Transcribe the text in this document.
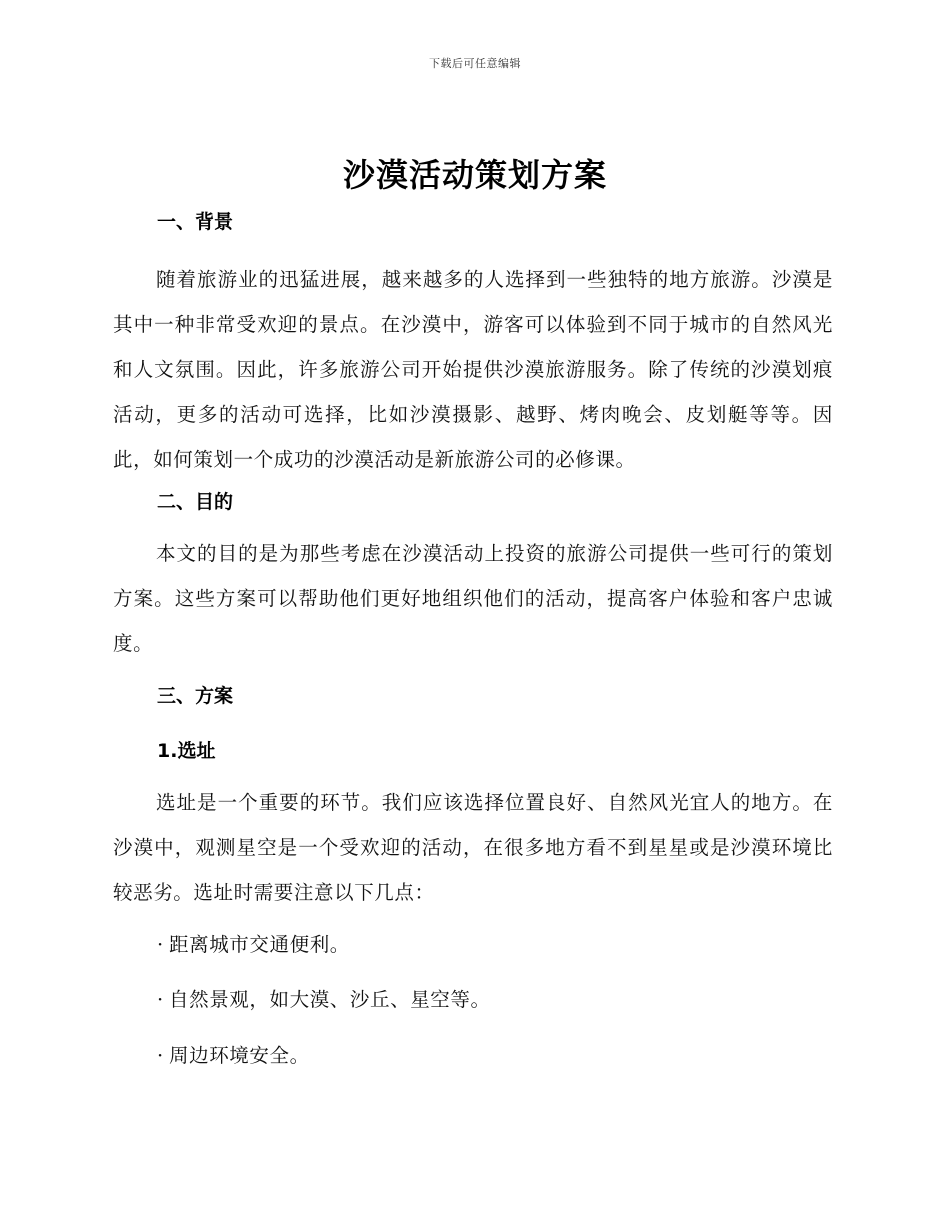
下载后可任意编辑
沙漠活动策划方案
一、背景

随着旅游业的迅猛进展，越来越多的人选择到一些独特的地方旅游。沙漠是其中一种非常受欢迎的景点。在沙漠中，游客可以体验到不同于城市的自然风光和人文氛围。因此，许多旅游公司开始提供沙漠旅游服务。除了传统的沙漠划痕活动，更多的活动可选择，比如沙漠摄影、越野、烤肉晚会、皮划艇等等。因此，如何策划一个成功的沙漠活动是新旅游公司的必修课。

二、目的

本文的目的是为那些考虑在沙漠活动上投资的旅游公司提供一些可行的策划方案。这些方案可以帮助他们更好地组织他们的活动，提高客户体验和客户忠诚度。

三、方案
1.选址

选址是一个重要的环节。我们应该选择位置良好、自然风光宜人的地方。在沙漠中，观测星空是一个受欢迎的活动，在很多地方看不到星星或是沙漠环境比较恶劣。选址时需要注意以下几点：

· 距离城市交通便利。
· 自然景观，如大漠、沙丘、星空等。
· 周边环境安全。
